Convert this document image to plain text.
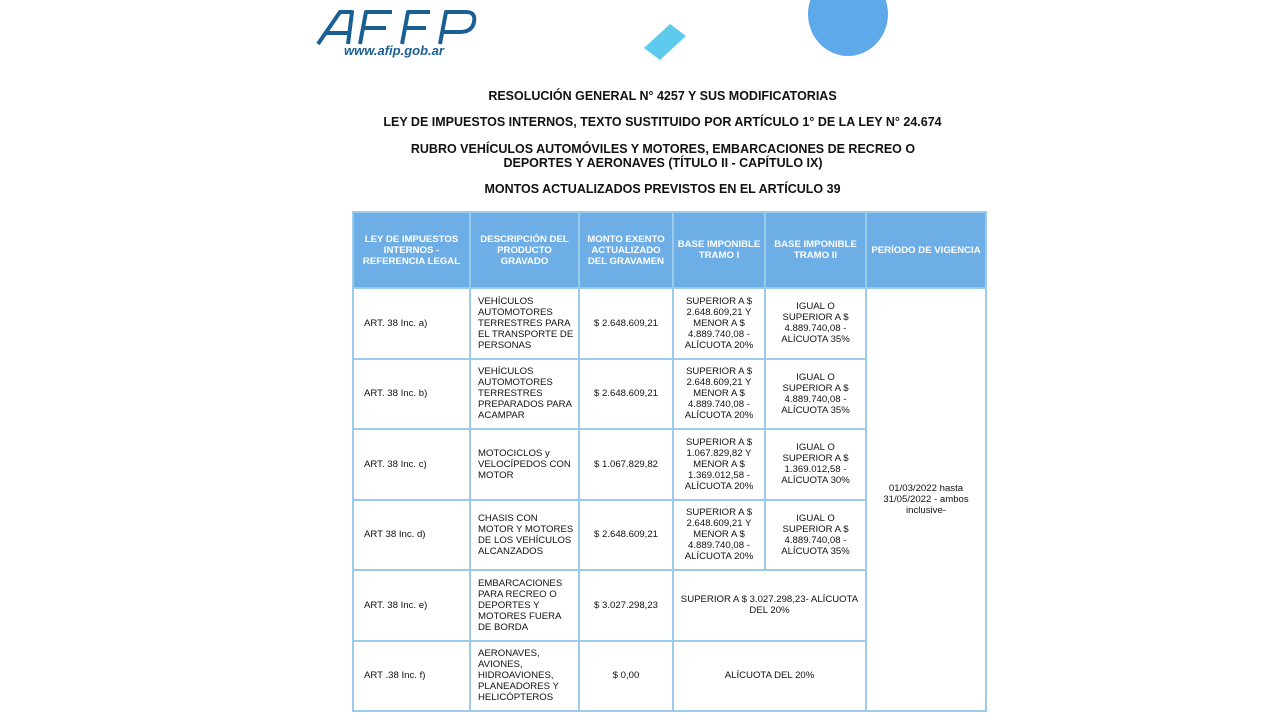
www.afip.gob.ar
RESOLUCIÓN GENERAL N° 4257 Y SUS MODIFICATORIAS
LEY DE IMPUESTOS INTERNOS, TEXTO SUSTITUIDO POR ARTÍCULO 1° DE LA LEY N° 24.674
RUBRO VEHÍCULOS AUTOMÓVILES Y MOTORES, EMBARCACIONES DE RECREO O DEPORTES Y AERONAVES (TÍTULO II - CAPÍTULO IX)
MONTOS ACTUALIZADOS PREVISTOS EN EL ARTÍCULO 39
LEY DE IMPUESTOS INTERNOS - REFERENCIA LEGAL	DESCRIPCIÓN DEL PRODUCTO GRAVADO	MONTO EXENTO ACTUALIZADO DEL GRAVAMEN	BASE IMPONIBLE TRAMO I	BASE IMPONIBLE TRAMO II	PERÍODO DE VIGENCIA
ART. 38 Inc. a)	VEHÍCULOS AUTOMOTORES TERRESTRES PARA EL TRANSPORTE DE PERSONAS	$ 2.648.609,21	SUPERIOR A $ 2.648.609,21 Y MENOR A $ 4.889.740,08 - ALÍCUOTA 20%	IGUAL O SUPERIOR A $ 4.889.740,08 - ALÍCUOTA 35%	01/03/2022 hasta 31/05/2022 - ambos inclusive-
ART. 38 Inc. b)	VEHÍCULOS AUTOMOTORES TERRESTRES PREPARADOS PARA ACAMPAR	$ 2.648.609,21	SUPERIOR A $ 2.648.609,21 Y MENOR A $ 4.889.740,08 - ALÍCUOTA 20%	IGUAL O SUPERIOR A $ 4.889.740,08 - ALÍCUOTA 35%	
ART. 38 Inc. c)	MOTOCICLOS y VELOCÍPEDOS CON MOTOR	$ 1.067.829,82	SUPERIOR A $ 1.067.829,82 Y MENOR A $ 1.369.012,58 - ALÍCUOTA 20%	IGUAL O SUPERIOR A $ 1.369.012,58 - ALÍCUOTA 30%	
ART 38 Inc. d)	CHASIS CON MOTOR Y MOTORES DE LOS VEHÍCULOS ALCANZADOS	$ 2.648.609,21	SUPERIOR A $ 2.648.609,21 Y MENOR A $ 4.889.740,08 - ALÍCUOTA 20%	IGUAL O SUPERIOR A $ 4.889.740,08 - ALÍCUOTA 35%	
ART. 38 Inc. e)	EMBARCACIONES PARA RECREO O DEPORTES Y MOTORES FUERA DE BORDA	$ 3.027.298,23	SUPERIOR A $ 3.027.298,23- ALÍCUOTA DEL 20%		
ART .38 Inc. f)	AERONAVES, AVIONES, HIDROAVIONES, PLANEADORES Y HELICÓPTEROS	$ 0,00	ALÍCUOTA DEL 20%		
